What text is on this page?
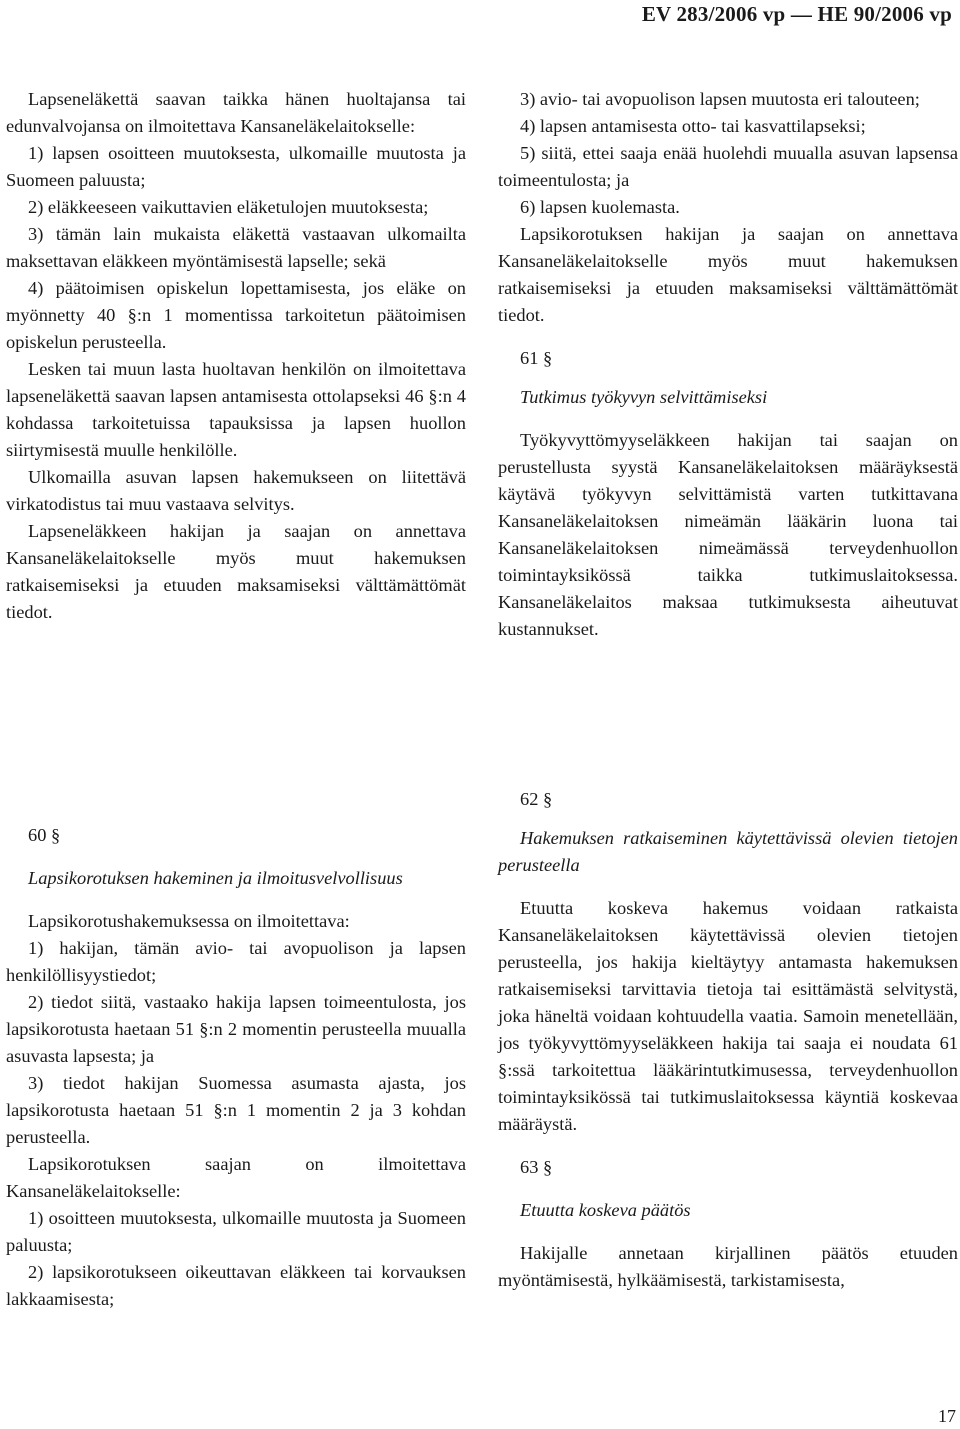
EV 283/2006 vp — HE 90/2006 vp

Lapseneläkettä saavan taikka hänen huoltajansa tai edunvalvojansa on ilmoitettava Kansaneläkelaitokselle:

1) lapsen osoitteen muutoksesta, ulkomaille muutosta ja Suomeen paluusta;

2) eläkkeeseen vaikuttavien eläketulojen muutoksesta;

3) tämän lain mukaista eläkettä vastaavan ulkomailta maksettavan eläkkeen myöntämisestä lapselle; sekä

4) päätoimisen opiskelun lopettamisesta, jos eläke on myönnetty 40 §:n 1 momentissa tarkoitetun päätoimisen opiskelun perusteella.

Lesken tai muun lasta huoltavan henkilön on ilmoitettava lapseneläkettä saavan lapsen antamisesta ottolapseksi 46 §:n 4 kohdassa tarkoitetuissa tapauksissa ja lapsen huollon siirtymisestä muulle henkilölle.

Ulkomailla asuvan lapsen hakemukseen on liitettävä virkatodistus tai muu vastaava selvitys.

Lapseneläkkeen hakijan ja saajan on annettava Kansaneläkelaitokselle myös muut hakemuksen ratkaisemiseksi ja etuuden maksamiseksi välttämättömät tiedot.

60 §

Lapsikorotuksen hakeminen ja ilmoitusvelvollisuus

Lapsikorotushakemuksessa on ilmoitettava:

1) hakijan, tämän avio- tai avopuolison ja lapsen henkilöllisyystiedot;

2) tiedot siitä, vastaako hakija lapsen toimeentulosta, jos lapsikorotusta haetaan 51 §:n 2 momentin perusteella muualla asuvasta lapsesta; ja

3) tiedot hakijan Suomessa asumasta ajasta, jos lapsikorotusta haetaan 51 §:n 1 momentin 2 ja 3 kohdan perusteella.

Lapsikorotuksen saajan on ilmoitettava Kansaneläkelaitokselle:

1) osoitteen muutoksesta, ulkomaille muutosta ja Suomeen paluusta;

2) lapsikorotukseen oikeuttavan eläkkeen tai korvauksen lakkaamisesta;

3) avio- tai avopuolison lapsen muutosta eri talouteen;

4) lapsen antamisesta otto- tai kasvattilapseksi;

5) siitä, ettei saaja enää huolehdi muualla asuvan lapsensa toimeentulosta; ja

6) lapsen kuolemasta.

Lapsikorotuksen hakijan ja saajan on annettava Kansaneläkelaitokselle myös muut hakemuksen ratkaisemiseksi ja etuuden maksamiseksi välttämättömät tiedot.

61 §

Tutkimus työkyvyn selvittämiseksi

Työkyvyttömyyseläkkeen hakijan tai saajan on perustellusta syystä Kansaneläkelaitoksen määräyksestä käytävä työkyvyn selvittämistä varten tutkittavana Kansaneläkelaitoksen nimeämän lääkärin luona tai Kansaneläkelaitoksen nimeämässä terveydenhuollon toimintayksikössä taikka tutkimuslaitoksessa. Kansaneläkelaitos maksaa tutkimuksesta aiheutuvat kustannukset.

62 §

Hakemuksen ratkaiseminen käytettävissä olevien tietojen perusteella

Etuutta koskeva hakemus voidaan ratkaista Kansaneläkelaitoksen käytettävissä olevien tietojen perusteella, jos hakija kieltäytyy antamasta hakemuksen ratkaisemiseksi tarvittavia tietoja tai esittämästä selvitystä, joka häneltä voidaan kohtuudella vaatia. Samoin menetellään, jos työkyvyttömyyseläkkeen hakija tai saaja ei noudata 61 §:ssä tarkoitettua lääkärintutkimusessa, terveydenhuollon toimintayksikössä tai tutkimuslaitoksessa käyntiä koskevaa määräystä.

63 §

Etuutta koskeva päätös

Hakijalle annetaan kirjallinen päätös etuuden myöntämisestä, hylkäämisestä, tarkistamisesta,

17
